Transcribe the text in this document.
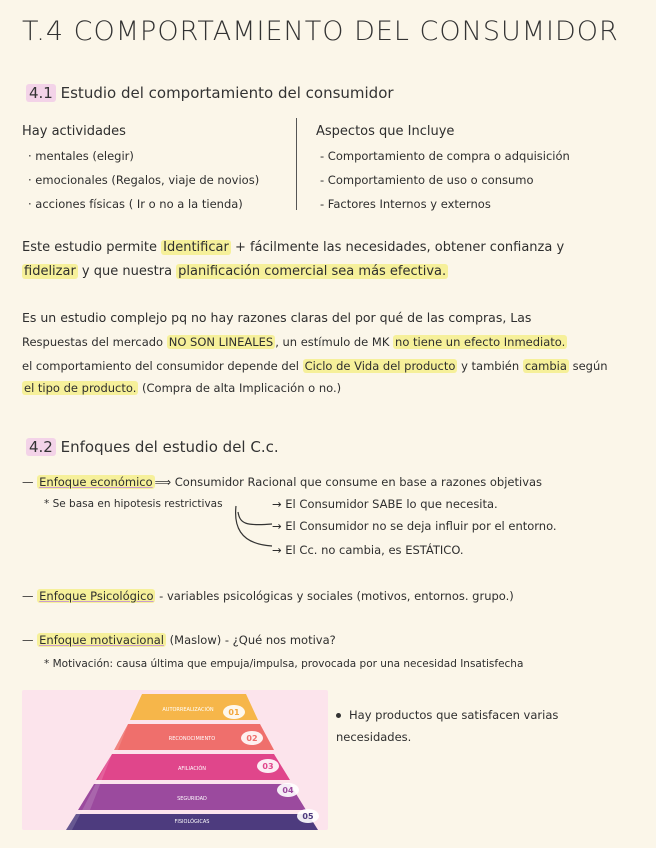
T.4 COMPORTAMIENTO DEL CONSUMIDOR
4.1 Estudio del comportamiento del consumidor
Hay actividades
· mentales (elegir)
· emocionales (Regalos, viaje de novios)
· acciones físicas ( Ir o no a la tienda)
Aspectos que Incluye
- Comportamiento de compra o adquisición
- Comportamiento de uso o consumo
- Factores Internos y externos
Este estudio permite Identificar + fácilmente las necesidades, obtener confianza y
fidelizar y que nuestra planificación comercial sea más efectiva.
Es un estudio complejo pq no hay razones claras del por qué de las compras, Las
Respuestas del mercado NO SON LINEALES , un estímulo de MK no tiene un efecto Inmediato.
el comportamiento del consumidor depende del Ciclo de Vida del producto y también cambia según
el tipo de producto. (Compra de alta Implicación o no.)
4.2 Enfoques del estudio del C.c.
— Enfoque económico ⟹ Consumidor Racional que consume en base a razones objetivas
* Se basa en hipotesis restrictivas	→ El Consumidor SABE lo que necesita.
→ El Consumidor no se deja influir por el entorno.
→ El Cc. no cambia, es ESTÁTICO.
— Enfoque Psicológico - variables psicológicas y sociales (motivos, entornos. grupo.)
— Enfoque motivacional (Maslow) - ¿Qué nos motiva?
* Motivación: causa última que empuja/impulsa, provocada por una necesidad Insatisfecha
AUTORREALIZACIÓN
RECONOCIMIENTO
AFILIACIÓN
SEGURIDAD
FISIOLÓGICAS
01
02
03
04
05
Hay productos que satisfacen varias necesidades.
